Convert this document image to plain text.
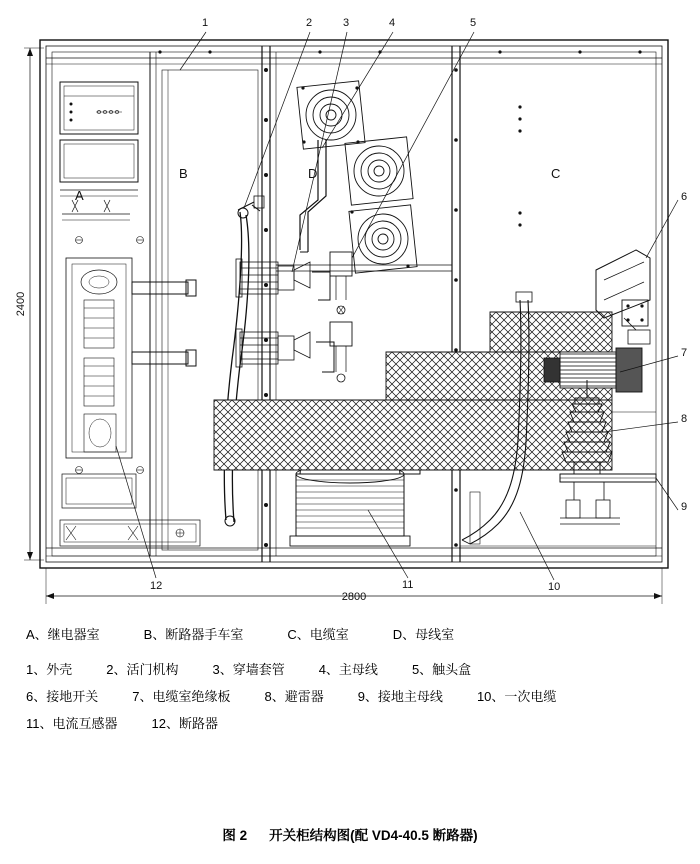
1	2	3	4	5
6
7
8
9
10
11
12
A
B	C
D
2400
2800
A、继电器室	B、断路器手车室	C、电缆室	D、母线室
1、外壳	2、活门机构	3、穿墙套管	4、主母线	5、触头盒
6、接地开关	7、电缆室绝缘板	8、避雷器	9、接地主母线	10、一次电缆
11、电流互感器	12、断路器
图 2 开关柜结构图(配 VD4-40.5 断路器)
